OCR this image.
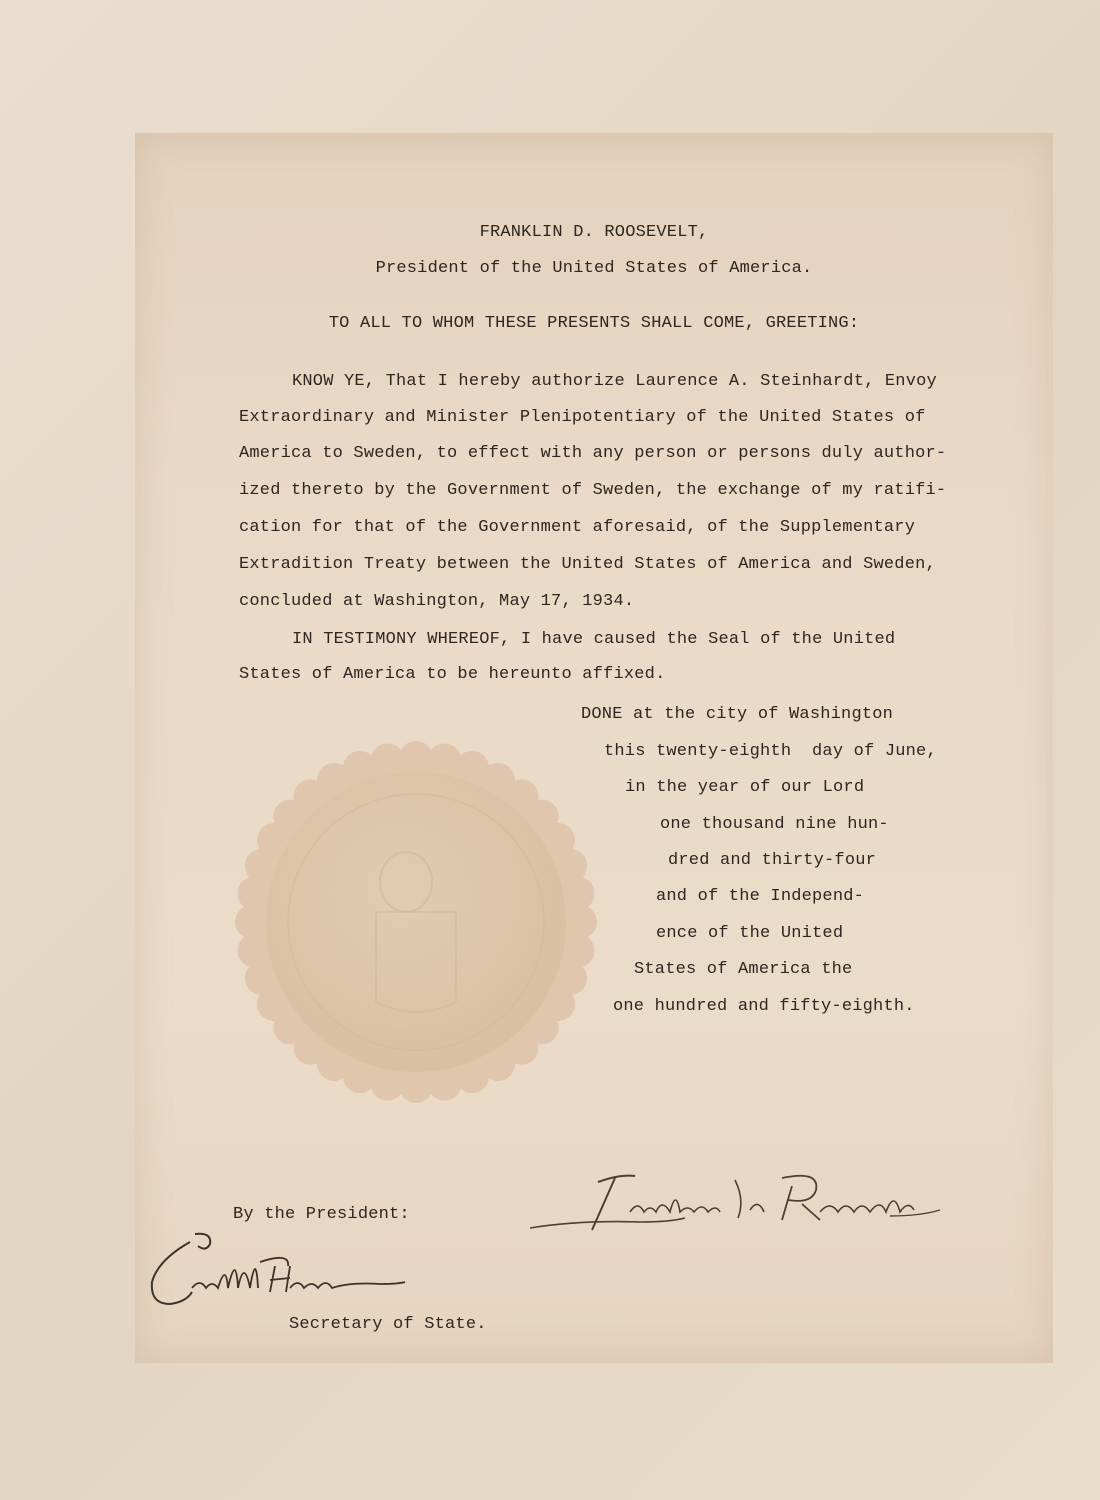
FRANKLIN D. ROOSEVELT,

President of the United States of America.

TO ALL TO WHOM THESE PRESENTS SHALL COME, GREETING:

KNOW YE, That I hereby authorize Laurence A. Steinhardt, Envoy

Extraordinary and Minister Plenipotentiary of the United States of

America to Sweden, to effect with any person or persons duly author-

ized thereto by the Government of Sweden, the exchange of my ratifi-

cation for that of the Government aforesaid, of the Supplementary

Extradition Treaty between the United States of America and Sweden,

concluded at Washington, May 17, 1934.

IN TESTIMONY WHEREOF, I have caused the Seal of the United

States of America to be hereunto affixed.

DONE at the city of Washington

this twenty-eighth  day of June,

in the year of our Lord

one thousand nine hun-

dred and thirty-four

and of the Independ-

ence of the United

States of America the

one hundred and fifty-eighth.

By the President:

Secretary of State.
